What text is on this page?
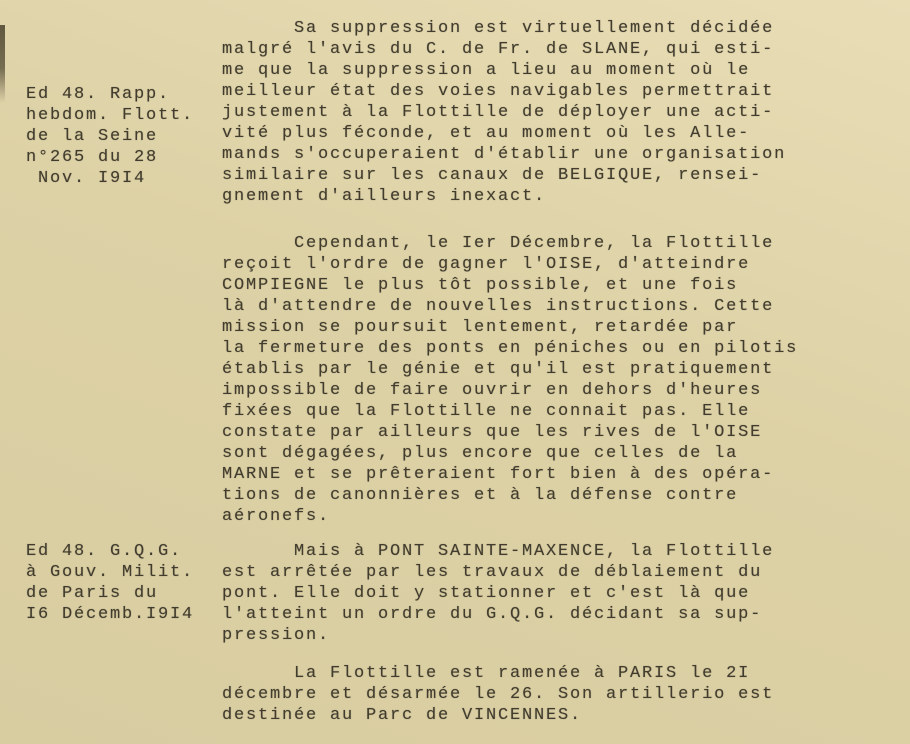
Ed 48. Rapp.
hebdom. Flott.
de la Seine
n°265 du 28
Nov. I9I4
Ed 48. G.Q.G.
à Gouv. Milit.
de Paris du
I6 Décemb.I9I4
Sa suppression est virtuellement décidée
malgré l'avis du C. de Fr. de SLANE, qui esti-
me que la suppression a lieu au moment où le
meilleur état des voies navigables permettrait
justement à la Flottille de déployer une acti-
vité plus féconde, et au moment où les Alle-
mands s'occuperaient d'établir une organisation
similaire sur les canaux de BELGIQUE, rensei-
gnement d'ailleurs inexact.
Cependant, le Ier Décembre, la Flottille
reçoit l'ordre de gagner l'OISE, d'atteindre
COMPIEGNE le plus tôt possible, et une fois
là d'attendre de nouvelles instructions. Cette
mission se poursuit lentement, retardée par
la fermeture des ponts en péniches ou en pilotis
établis par le génie et qu'il est pratiquement
impossible de faire ouvrir en dehors d'heures
fixées que la Flottille ne connait pas. Elle
constate par ailleurs que les rives de l'OISE
sont dégagées, plus encore que celles de la
MARNE et se prêteraient fort bien à des opéra-
tions de canonnières et à la défense contre
aéronefs.
Mais à PONT SAINTE-MAXENCE, la Flottille
est arrêtée par les travaux de déblaiement du
pont. Elle doit y stationner et c'est là que
l'atteint un ordre du G.Q.G. décidant sa sup-
pression.
La Flottille est ramenée à PARIS le 2I
décembre et désarmée le 26. Son artillerio est
destinée au Parc de VINCENNES.
